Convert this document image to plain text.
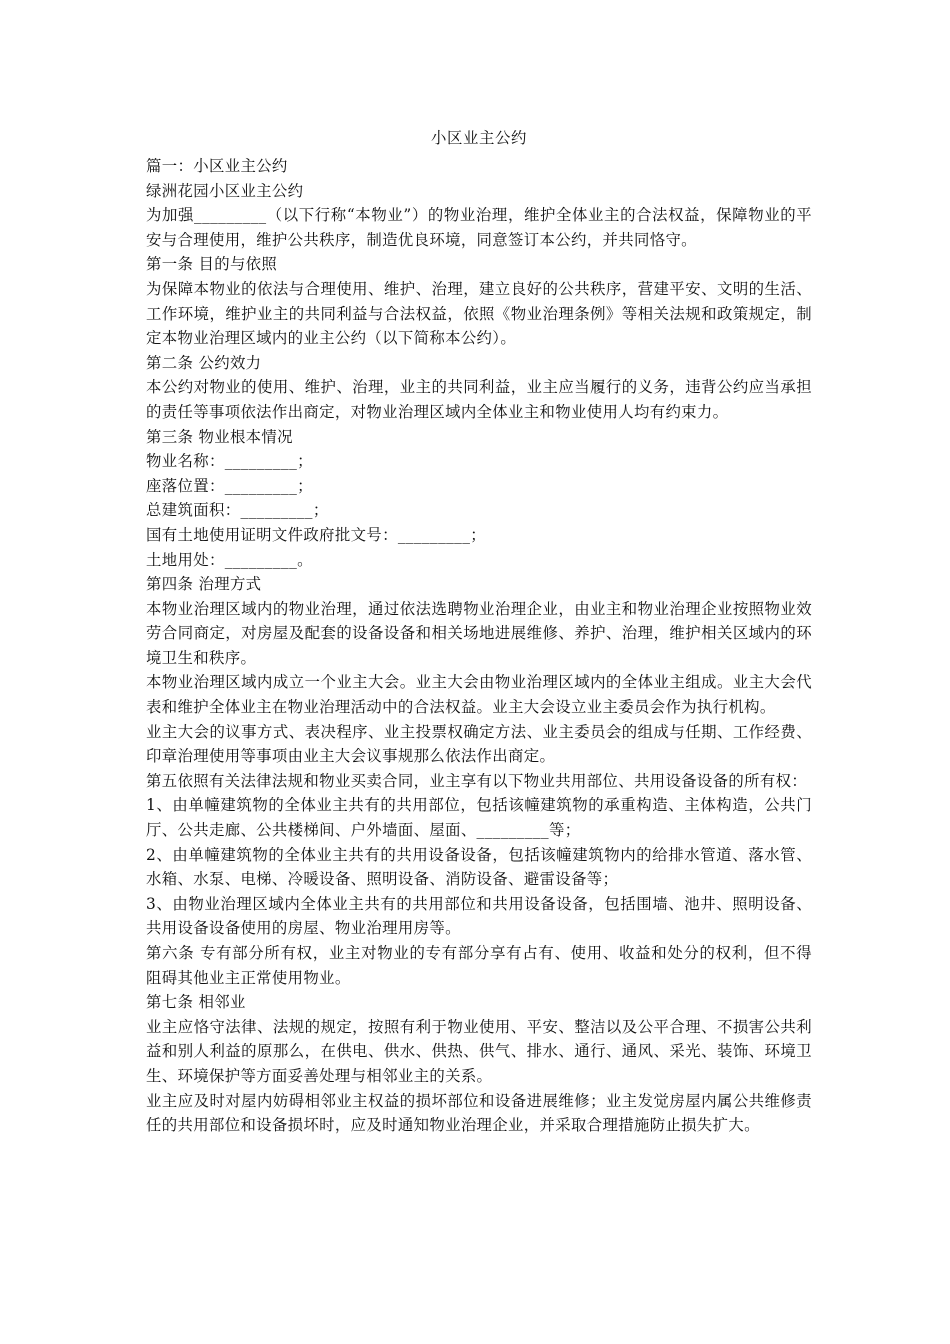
小区业主公约
篇一：小区业主公约
绿洲花园小区业主公约
为加强_________（以下行称“本物业”）的物业治理，维护全体业主的合法权益，保障物业的平安与合理使用，维护公共秩序，制造优良环境，同意签订本公约，并共同恪守。
第一条 目的与依照
为保障本物业的依法与合理使用、维护、治理，建立良好的公共秩序，营建平安、文明的生活、工作环境，维护业主的共同利益与合法权益，依照《物业治理条例》等相关法规和政策规定，制定本物业治理区域内的业主公约（以下简称本公约）。
第二条 公约效力
本公约对物业的使用、维护、治理，业主的共同利益，业主应当履行的义务，违背公约应当承担的责任等事项依法作出商定，对物业治理区域内全体业主和物业使用人均有约束力。
第三条 物业根本情况
物业名称：_________；
座落位置：_________；
总建筑面积：_________；
国有土地使用证明文件政府批文号：_________；
土地用处：_________。
第四条 治理方式
本物业治理区域内的物业治理，通过依法选聘物业治理企业，由业主和物业治理企业按照物业效劳合同商定，对房屋及配套的设备设备和相关场地进展维修、养护、治理，维护相关区域内的环境卫生和秩序。
本物业治理区域内成立一个业主大会。业主大会由物业治理区域内的全体业主组成。业主大会代表和维护全体业主在物业治理活动中的合法权益。业主大会设立业主委员会作为执行机构。
业主大会的议事方式、表决程序、业主投票权确定方法、业主委员会的组成与任期、工作经费、印章治理使用等事项由业主大会议事规那么依法作出商定。
第五依照有关法律法规和物业买卖合同，业主享有以下物业共用部位、共用设备设备的所有权：
1、由单幢建筑物的全体业主共有的共用部位，包括该幢建筑物的承重构造、主体构造，公共门厅、公共走廊、公共楼梯间、户外墙面、屋面、_________等；
2、由单幢建筑物的全体业主共有的共用设备设备，包括该幢建筑物内的给排水管道、落水管、水箱、水泵、电梯、冷暖设备、照明设备、消防设备、避雷设备等；
3、由物业治理区域内全体业主共有的共用部位和共用设备设备，包括围墙、池井、照明设备、共用设备设备使用的房屋、物业治理用房等。
第六条 专有部分所有权，业主对物业的专有部分享有占有、使用、收益和处分的权利，但不得阻碍其他业主正常使用物业。
第七条 相邻业
业主应恪守法律、法规的规定，按照有利于物业使用、平安、整洁以及公平合理、不损害公共利益和别人利益的原那么，在供电、供水、供热、供气、排水、通行、通风、采光、装饰、环境卫生、环境保护等方面妥善处理与相邻业主的关系。
业主应及时对屋内妨碍相邻业主权益的损坏部位和设备进展维修；业主发觉房屋内属公共维修责任的共用部位和设备损坏时，应及时通知物业治理企业，并采取合理措施防止损失扩大。
